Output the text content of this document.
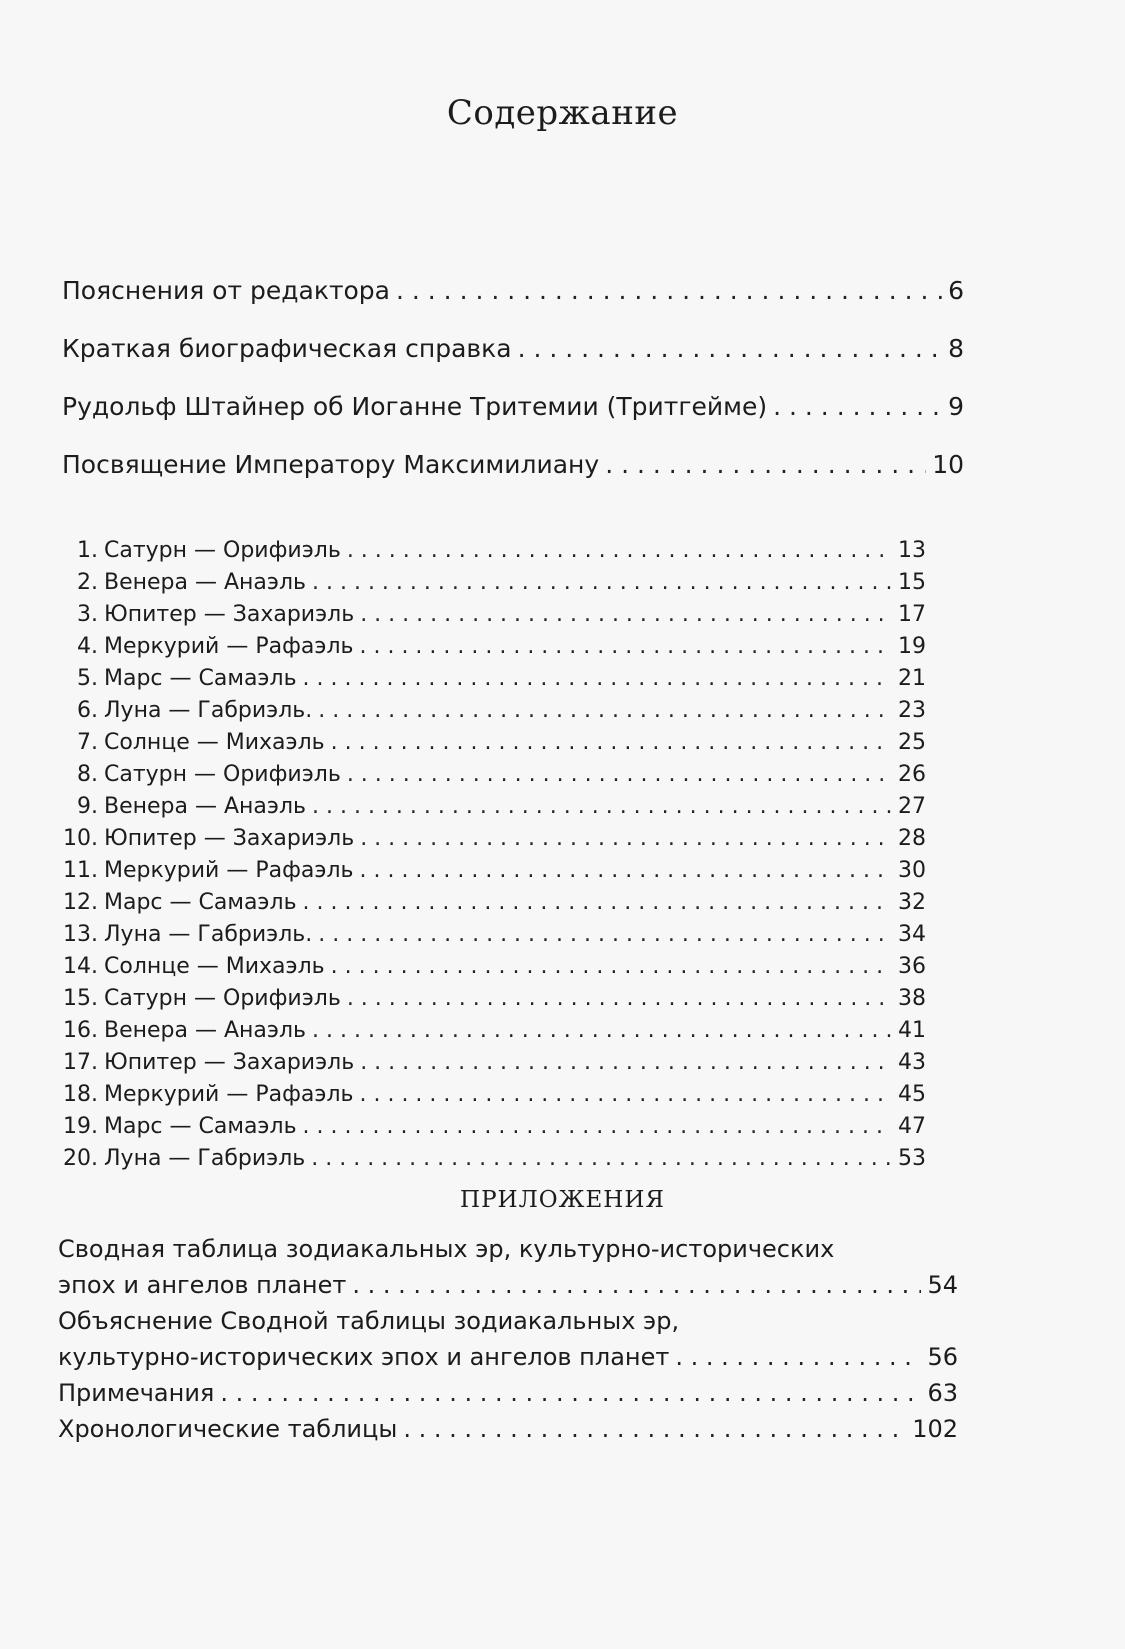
Содержание
Пояснения от редактора . . .	6
Краткая биографическая справка . . .	8
Рудольф Штайнер об Иоганне Тритемии (Тритгейме) . . .	9
Посвящение Императору Максимилиану . . .	10
1. Сатурн — Орифиэль . . .	13
2. Венера — Анаэль . . .	15
3. Юпитер — Захариэль . . .	17
4. Меркурий — Рафаэль . . .	19
5. Марс — Самаэль . . .	21
6. Луна — Габриэль. . . .	23
7. Солнце — Михаэль . . .	25
8. Сатурн — Орифиэль . . .	26
9. Венера — Анаэль . . .	27
10. Юпитер — Захариэль . . .	28
11. Меркурий — Рафаэль . . .	30
12. Марс — Самаэль . . .	32
13. Луна — Габриэль. . . .	34
14. Солнце — Михаэль . . .	36
15. Сатурн — Орифиэль . . .	38
16. Венера — Анаэль . . .	41
17. Юпитер — Захариэль . . .	43
18. Меркурий — Рафаэль . . .	45
19. Марс — Самаэль . . .	47
20. Луна — Габриэль . . .	53
ПРИЛОЖЕНИЯ
Сводная таблица зодиакальных эр, культурно-исторических
эпох и ангелов планет . . .	54
Объяснение Сводной таблицы зодиакальных эр,
культурно-исторических эпох и ангелов планет . . .	56
Примечания . . .	63
Хронологические таблицы . . .	102
